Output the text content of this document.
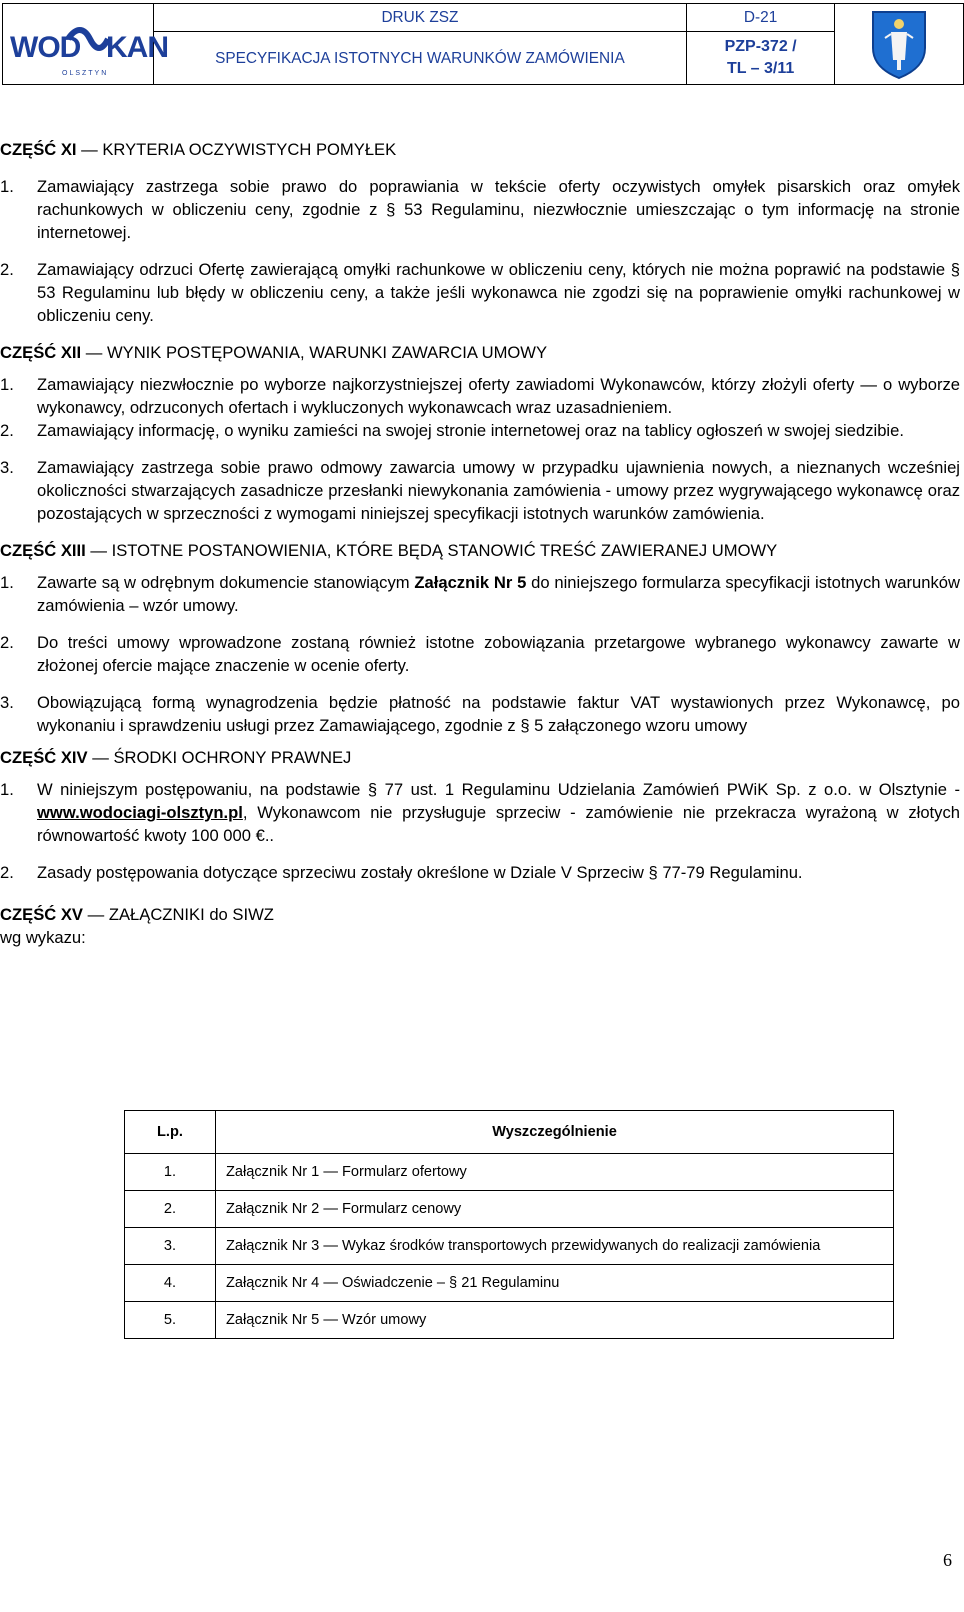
WOD KAN
OLSZTYN	DRUK ZSZ	D-21	

	SPECYFIKACJA ISTOTNYCH WARUNKÓW ZAMÓWIENIA	PZP-372 /
TL – 3/11	
CZĘŚĆ XI — KRYTERIA OCZYWISTYCH POMYŁEK
1. Zamawiający zastrzega sobie prawo do poprawiania w tekście oferty oczywistych omyłek pisarskich oraz omyłek rachunkowych w obliczeniu ceny, zgodnie z § 53 Regulaminu, niezwłocznie umieszczając o tym informację na stronie internetowej.
2. Zamawiający odrzuci Ofertę zawierającą omyłki rachunkowe w obliczeniu ceny, których nie można poprawić na podstawie § 53 Regulaminu lub błędy w obliczeniu ceny, a także jeśli wykonawca nie zgodzi się na poprawienie omyłki rachunkowej w obliczeniu ceny.
CZĘŚĆ XII — WYNIK POSTĘPOWANIA, WARUNKI ZAWARCIA UMOWY
1. Zamawiający niezwłocznie po wyborze najkorzystniejszej oferty zawiadomi Wykonawców, którzy złożyli oferty — o wyborze wykonawcy, odrzuconych ofertach i wykluczonych wykonawcach wraz uzasadnieniem.
2. Zamawiający informację, o wyniku zamieści na swojej stronie internetowej oraz na tablicy ogłoszeń w swojej siedzibie.
3. Zamawiający zastrzega sobie prawo odmowy zawarcia umowy w przypadku ujawnienia nowych, a nieznanych wcześniej okoliczności stwarzających zasadnicze przesłanki niewykonania zamówienia - umowy przez wygrywającego wykonawcę oraz pozostających w sprzeczności z wymogami niniejszej specyfikacji istotnych warunków zamówienia.
CZĘŚĆ XIII — ISTOTNE POSTANOWIENIA, KTÓRE BĘDĄ STANOWIĆ TREŚĆ ZAWIERANEJ UMOWY
1. Zawarte są w odrębnym dokumencie stanowiącym Załącznik Nr 5 do niniejszego formularza specyfikacji istotnych warunków zamówienia – wzór umowy.
2. Do treści umowy wprowadzone zostaną również istotne zobowiązania przetargowe wybranego wykonawcy zawarte w złożonej ofercie mające znaczenie w ocenie oferty.
3. Obowiązującą formą wynagrodzenia będzie płatność na podstawie faktur VAT wystawionych przez Wykonawcę, po wykonaniu i sprawdzeniu usługi przez Zamawiającego, zgodnie z § 5 załączonego wzoru umowy
CZĘŚĆ XIV — ŚRODKI OCHRONY PRAWNEJ
1. W niniejszym postępowaniu, na podstawie § 77 ust. 1 Regulaminu Udzielania Zamówień PWiK Sp. z o.o. w Olsztynie - www.wodociagi-olsztyn.pl, Wykonawcom nie przysługuje sprzeciw - zamówienie nie przekracza wyrażoną w złotych równowartość kwoty 100 000 €..
2. Zasady postępowania dotyczące sprzeciwu zostały określone w Dziale V Sprzeciw § 77-79 Regulaminu.
CZĘŚĆ XV — ZAŁĄCZNIKI do SIWZ
wg wykazu:
L.p.	Wyszczególnienie
1.	Załącznik Nr 1 — Formularz ofertowy
2.	Załącznik Nr 2 — Formularz cenowy
3.	Załącznik Nr 3 — Wykaz środków transportowych przewidywanych do realizacji zamówienia
4.	Załącznik Nr 4 — Oświadczenie – § 21 Regulaminu
5.	Załącznik Nr 5 — Wzór umowy
6
